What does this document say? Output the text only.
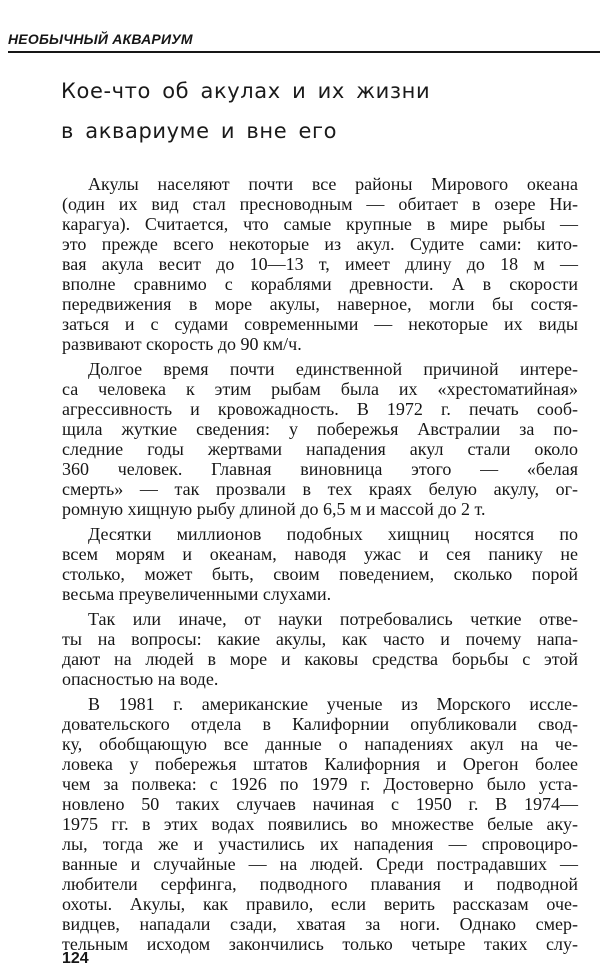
НЕОБЫЧНЫЙ АКВАРИУМ
Кое-что об акулах и их жизни
в аквариуме и вне его
Акулы населяют почти все районы Мирового океана
(один их вид стал пресноводным — обитает в озере Ни-
карагуа). Считается, что самые крупные в мире рыбы —
это прежде всего некоторые из акул. Судите сами: кито-
вая акула весит до 10—13 т, имеет длину до 18 м —
вполне сравнимо с кораблями древности. А в скорости
передвижения в море акулы, наверное, могли бы состя-
заться и с судами современными — некоторые их виды
развивают скорость до 90 км/ч.
Долгое время почти единственной причиной интере-
са человека к этим рыбам была их «хрестоматийная»
агрессивность и кровожадность. В 1972 г. печать сооб-
щила жуткие сведения: у побережья Австралии за по-
следние годы жертвами нападения акул стали около
360 человек. Главная виновница этого — «белая
смерть» — так прозвали в тех краях белую акулу, ог-
ромную хищную рыбу длиной до 6,5 м и массой до 2 т.
Десятки миллионов подобных хищниц носятся по
всем морям и океанам, наводя ужас и сея панику не
столько, может быть, своим поведением, сколько порой
весьма преувеличенными слухами.
Так или иначе, от науки потребовались четкие отве-
ты на вопросы: какие акулы, как часто и почему напа-
дают на людей в море и каковы средства борьбы с этой
опасностью на воде.
В 1981 г. американские ученые из Морского иссле-
довательского отдела в Калифорнии опубликовали свод-
ку, обобщающую все данные о нападениях акул на че-
ловека у побережья штатов Калифорния и Орегон более
чем за полвека: с 1926 по 1979 г. Достоверно было уста-
новлено 50 таких случаев начиная с 1950 г. В 1974—
1975 гг. в этих водах появились во множестве белые аку-
лы, тогда же и участились их нападения — спровоциро-
ванные и случайные — на людей. Среди пострадавших —
любители серфинга, подводного плавания и подводной
охоты. Акулы, как правило, если верить рассказам оче-
видцев, нападали сзади, хватая за ноги. Однако смер-
тельным исходом закончились только четыре таких слу-
124
